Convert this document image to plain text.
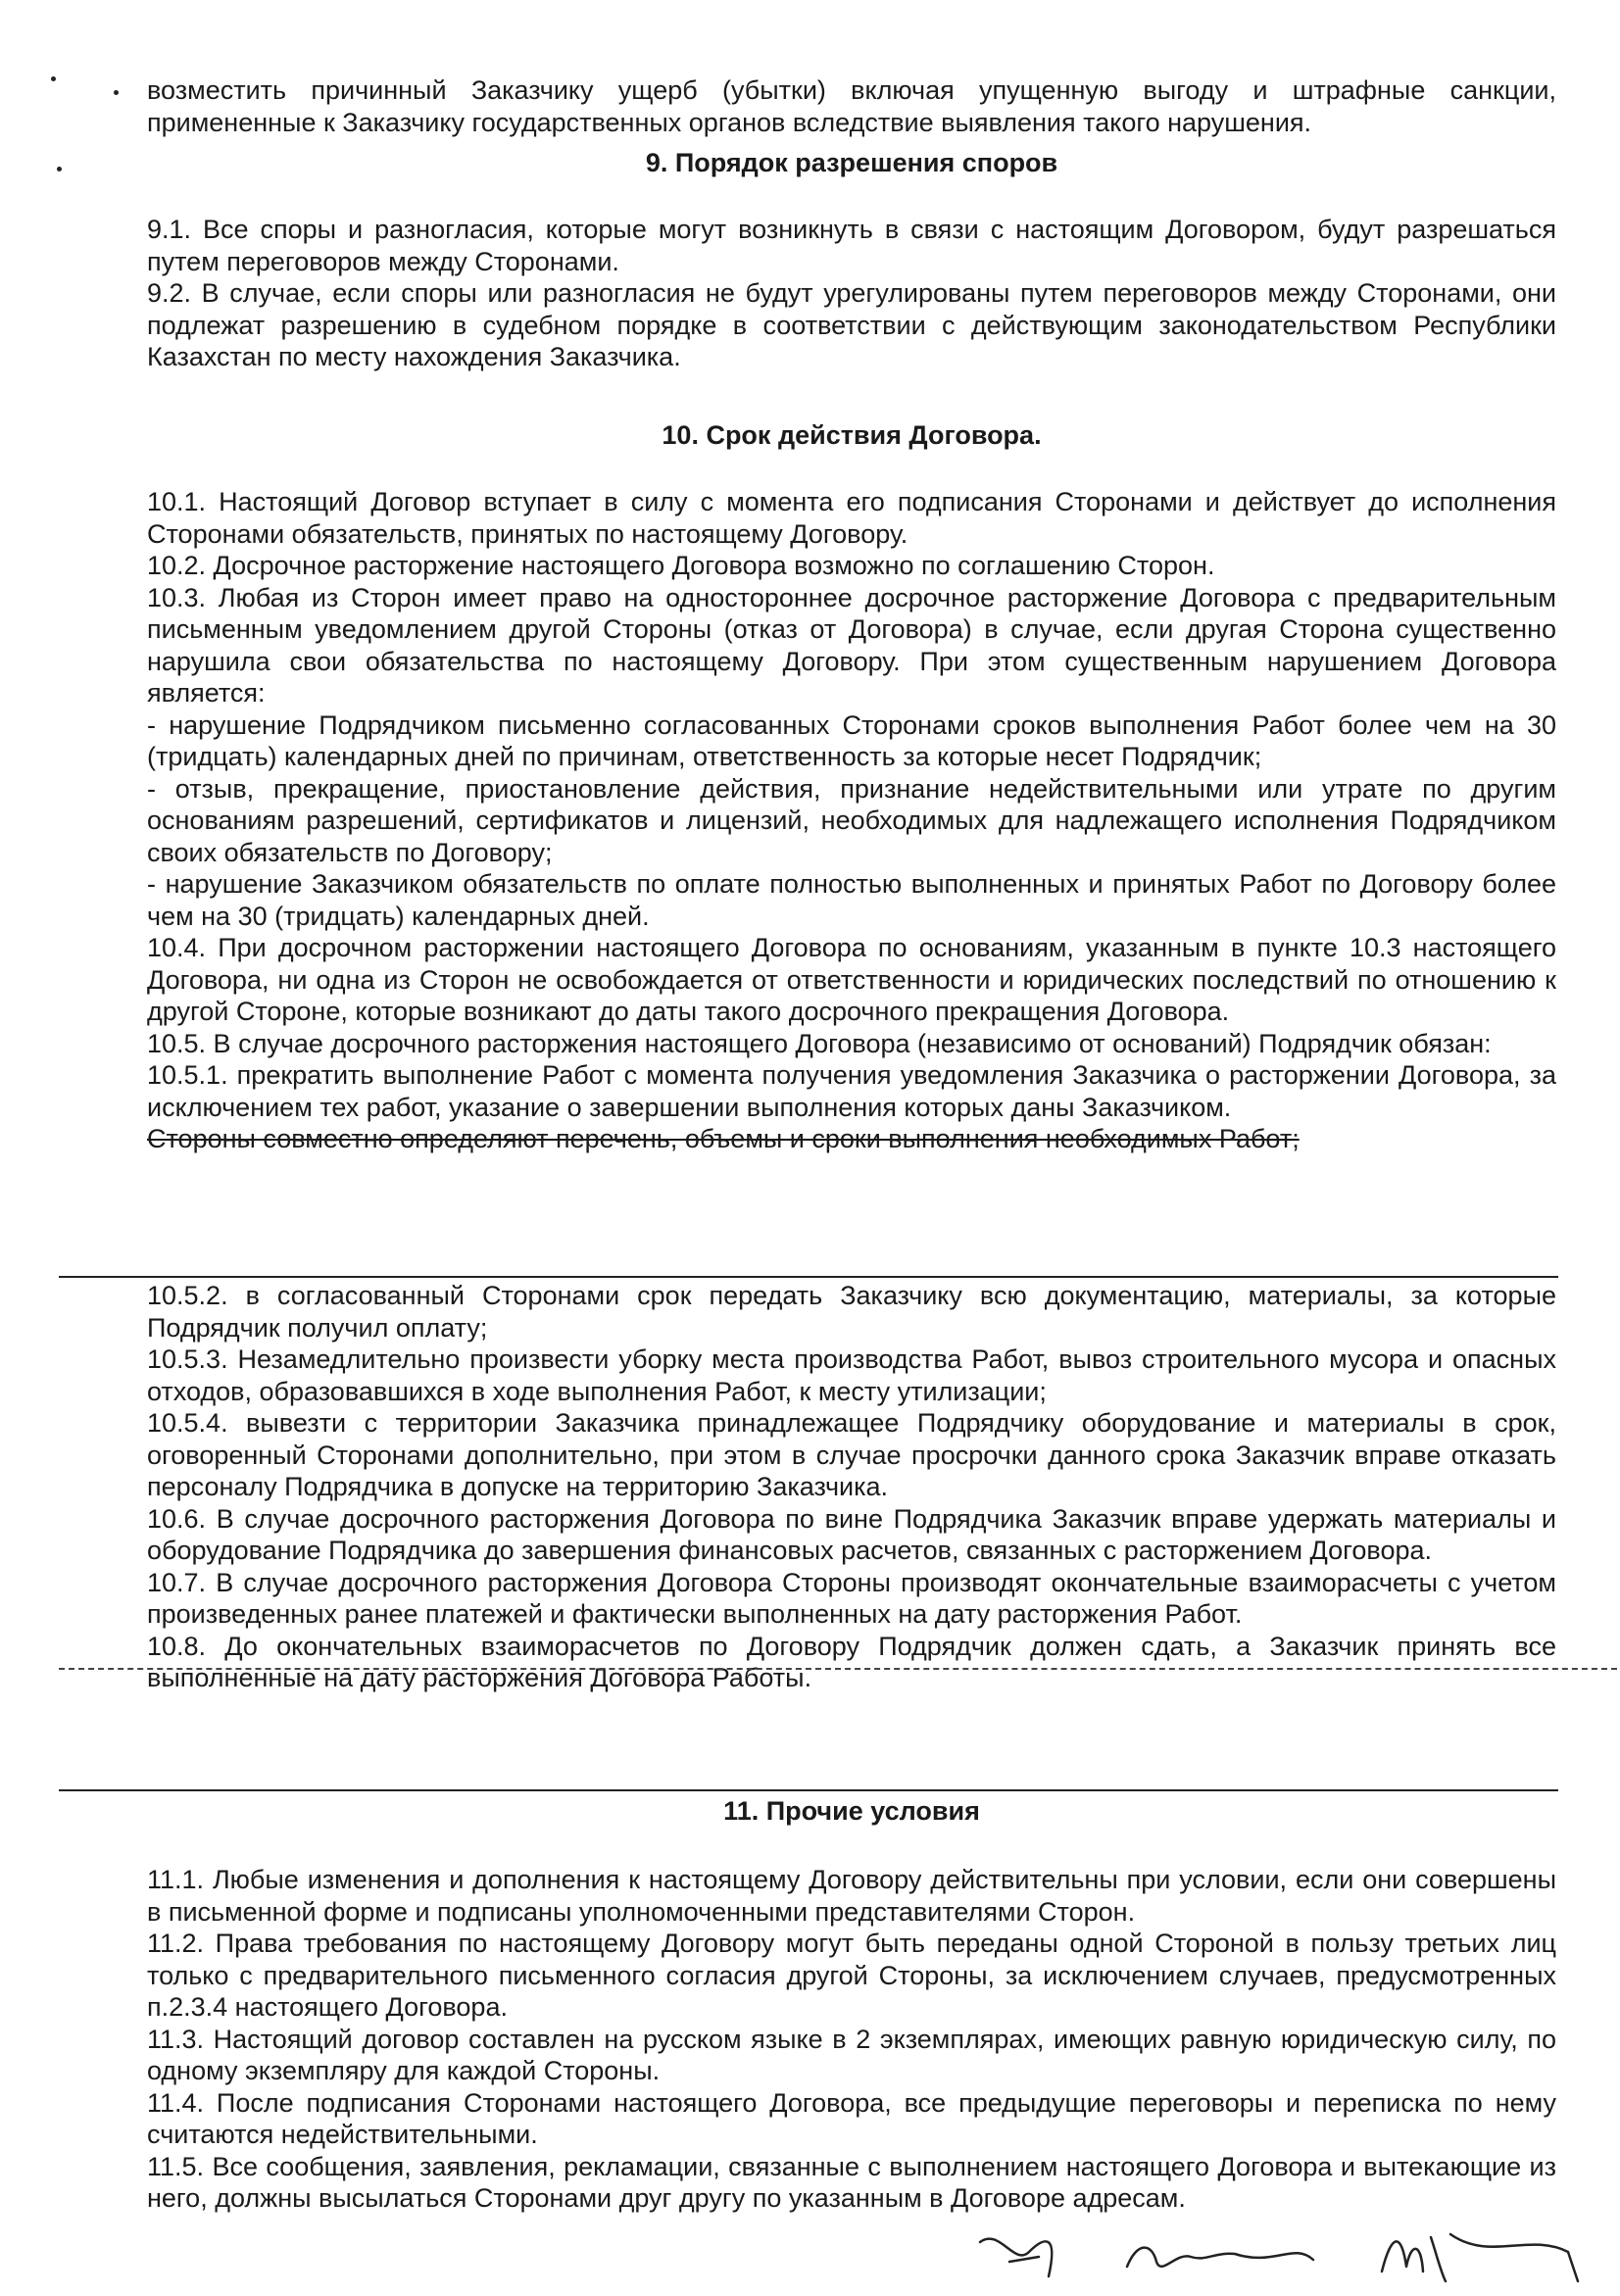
возместить причинный Заказчику ущерб (убытки) включая упущенную выгоду и штрафные санкции, примененные к Заказчику государственных органов вследствие выявления такого нарушения.

9. Порядок разрешения споров

9.1. Все споры и разногласия, которые могут возникнуть в связи с настоящим Договором, будут разрешаться путем переговоров между Сторонами.

9.2. В случае, если споры или разногласия не будут урегулированы путем переговоров между Сторонами, они подлежат разрешению в судебном порядке в соответствии с действующим законодательством Республики Казахстан по месту нахождения Заказчика.

10. Срок действия Договора.

10.1. Настоящий Договор вступает в силу с момента его подписания Сторонами и действует до исполнения Сторонами обязательств, принятых по настоящему Договору.

10.2. Досрочное расторжение настоящего Договора возможно по соглашению Сторон.

10.3. Любая из Сторон имеет право на одностороннее досрочное расторжение Договора с предварительным письменным уведомлением другой Стороны (отказ от Договора) в случае, если другая Сторона существенно нарушила свои обязательства по настоящему Договору. При этом существенным нарушением Договора является:

- нарушение Подрядчиком письменно согласованных Сторонами сроков выполнения Работ более чем на 30 (тридцать) календарных дней по причинам, ответственность за которые несет Подрядчик;

- отзыв, прекращение, приостановление действия, признание недействительными или утрате по другим основаниям разрешений, сертификатов и лицензий, необходимых для надлежащего исполнения Подрядчиком своих обязательств по Договору;

- нарушение Заказчиком обязательств по оплате полностью выполненных и принятых Работ по Договору более чем на 30 (тридцать) календарных дней.

10.4. При досрочном расторжении настоящего Договора по основаниям, указанным в пункте 10.3 настоящего Договора, ни одна из Сторон не освобождается от ответственности и юридических последствий по отношению к другой Стороне, которые возникают до даты такого досрочного прекращения Договора.

10.5. В случае досрочного расторжения настоящего Договора (независимо от оснований) Подрядчик обязан:

10.5.1. прекратить выполнение Работ с момента получения уведомления Заказчика о расторжении Договора, за исключением тех работ, указание о завершении выполнения которых даны Заказчиком.

Стороны совместно определяют перечень, объемы и сроки выполнения необходимых Работ;

10.5.2. в согласованный Сторонами срок передать Заказчику всю документацию, материалы, за которые Подрядчик получил оплату;

10.5.3. Незамедлительно произвести уборку места производства Работ, вывоз строительного мусора и опасных отходов, образовавшихся в ходе выполнения Работ, к месту утилизации;

10.5.4. вывезти с территории Заказчика принадлежащее Подрядчику оборудование и материалы в срок, оговоренный Сторонами дополнительно, при этом в случае просрочки данного срока Заказчик вправе отказать персоналу Подрядчика в допуске на территорию Заказчика.

10.6. В случае досрочного расторжения Договора по вине Подрядчика Заказчик вправе удержать материалы и оборудование Подрядчика до завершения финансовых расчетов, связанных с расторжением Договора.

10.7. В случае досрочного расторжения Договора Стороны производят окончательные взаиморасчеты с учетом произведенных ранее платежей и фактически выполненных на дату расторжения Работ.

10.8. До окончательных взаиморасчетов по Договору Подрядчик должен сдать, а Заказчик принять все выполненные на дату расторжения Договора Работы.

11. Прочие условия

11.1. Любые изменения и дополнения к настоящему Договору действительны при условии, если они совершены в письменной форме и подписаны уполномоченными представителями Сторон.

11.2. Права требования по настоящему Договору могут быть переданы одной Стороной в пользу третьих лиц только с предварительного письменного согласия другой Стороны, за исключением случаев, предусмотренных п.2.3.4 настоящего Договора.

11.3. Настоящий договор составлен на русском языке в 2 экземплярах, имеющих равную юридическую силу, по одному экземпляру для каждой Стороны.

11.4. После подписания Сторонами настоящего Договора, все предыдущие переговоры и переписка по нему считаются недействительными.

11.5. Все сообщения, заявления, рекламации, связанные с выполнением настоящего Договора и вытекающие из него, должны высылаться Сторонами друг другу по указанным в Договоре адресам.
